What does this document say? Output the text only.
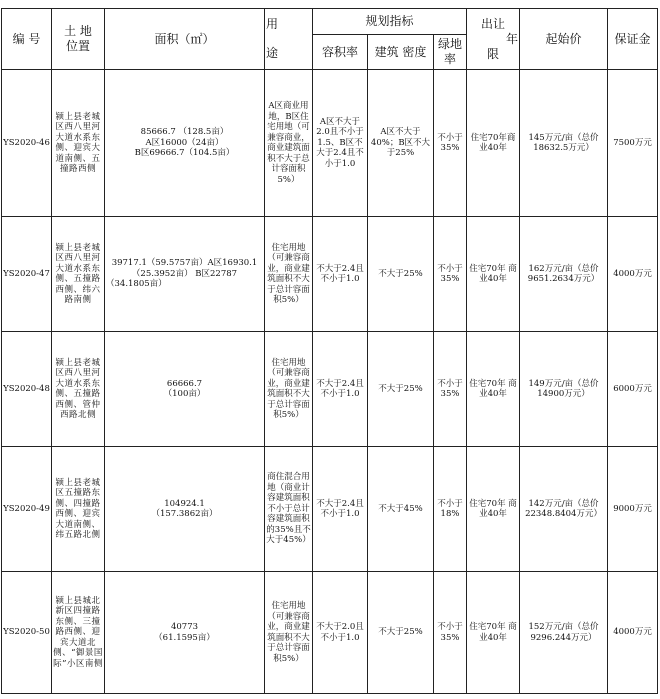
编 号	土 地
位置	面积（㎡）	用
途	规划指标			出让
年
限	起始价	保证金
				容积率	建筑 密度	绿地率			
YS2020-46	颍上县老城区西八里河大道水系东侧、迎宾大道南侧、五撞路西侧	85666.7 （128.5亩）
A区16000（24亩）
B区69666.7（104.5亩）	A区商业用地，B区住宅用地（可兼容商业，商业建筑面积不大于总计容面积5%）	A区不大于2.0且不小于1.5、B区不大于2.4且不小于1.0	A区不大于40%；B区不大于25%	不小于35%	住宅70年商业40年	145万元/亩（总价18632.5万元）	7500万元
YS2020-47	颍上县老城区西八里河大道水系东侧、五撞路西侧、纬六路南侧	39717.1（59.5757亩）A区16930.1
（25.3952亩） B区22787
（34.1805亩）	住宅用地（可兼容商业，商业建筑面积不大于总计容面积5%）	不大于2.4且不小于1.0	不大于25%	不小于35%	住宅70年 商业40年	162万元/亩（总价9651.2634万元）	4000万元
YS2020-48	颍上县老城区西八里河大道水系东侧、五撞路西侧、管仲西路北侧	66666.7
（100亩）	住宅用地（可兼容商业，商业建筑面积不大于总计容面积5%）	不大于2.4且不小于1.0	不大于25%	不小于35%	住宅70年 商业40年	149万元/亩（总价14900万元）	6000万元
YS2020-49	颍上县老城区五撞路东侧、四撞路西侧、迎宾大道南侧、纬五路北侧	104924.1
（157.3862亩）	商住混合用地（商业计容建筑面积不小于总计容建筑面积的35%且不大于45%）	不大于2.4且不小于1.0	不大于45%	不小于18%	住宅70年 商业40年	142万元/亩（总价22348.8404万元）	9000万元
YS2020-50	颍上县城北新区四撞路东侧、三撞路西侧、迎宾大道北侧、“御景国际”小区南侧	40773
（61.1595亩）	住宅用地（可兼容商业，商业建筑面积不大于总计容面积5%）	不大于2.0且不小于1.0	不大于25%	不小于35%	住宅70年 商业40年	152万元/亩（总价9296.244万元）	4000万元
